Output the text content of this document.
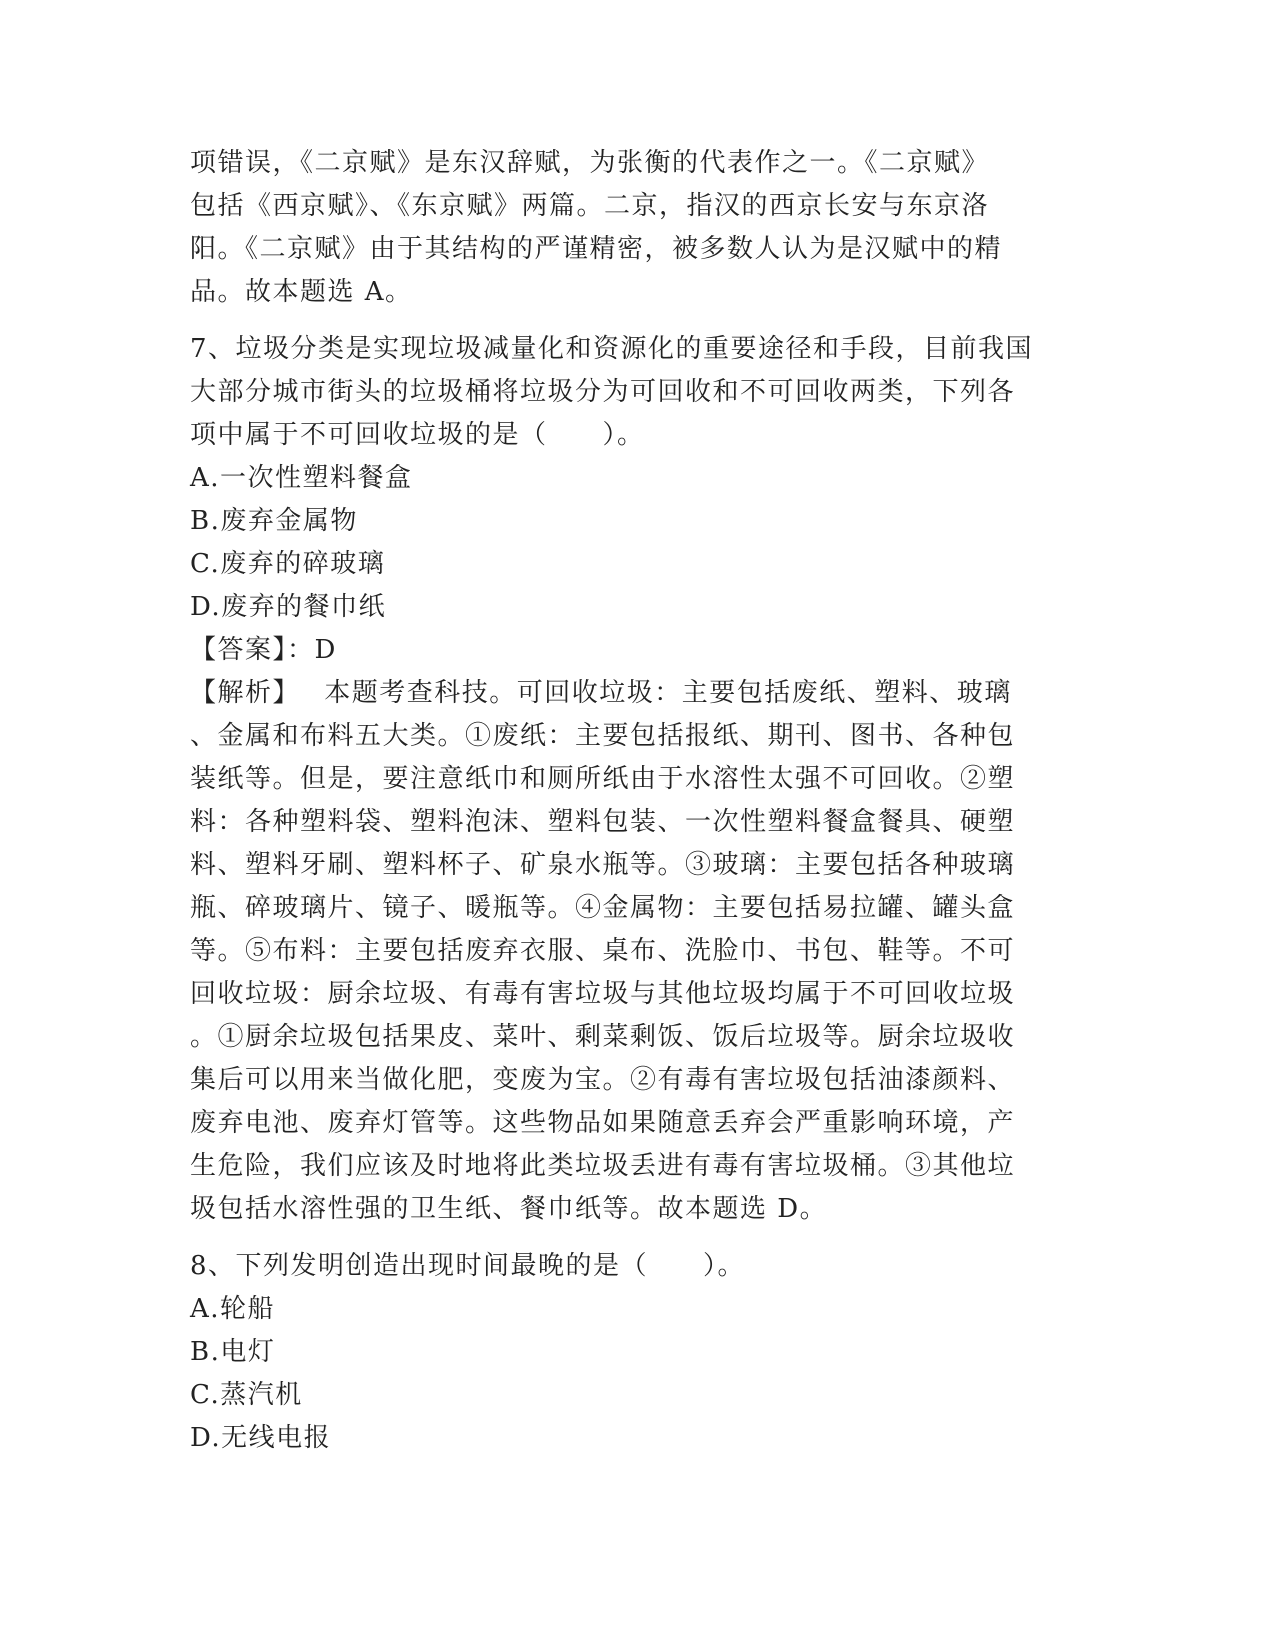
项错误，《二京赋》是东汉辞赋，为张衡的代表作之一。《二京赋》
包括《西京赋》、《东京赋》两篇。二京，指汉的西京长安与东京洛
阳。《二京赋》由于其结构的严谨精密，被多数人认为是汉赋中的精
品。故本题选 A。
7、垃圾分类是实现垃圾减量化和资源化的重要途径和手段，目前我国
大部分城市街头的垃圾桶将垃圾分为可回收和不可回收两类，下列各
项中属于不可回收垃圾的是（　　）。
A.一次性塑料餐盒
B.废弃金属物
C.废弃的碎玻璃
D.废弃的餐巾纸
【答案】：D
【解析】　 本题考查科技。可回收垃圾：主要包括废纸、塑料、玻璃
、金属和布料五大类。①废纸：主要包括报纸、期刊、图书、各种包
装纸等。但是，要注意纸巾和厕所纸由于水溶性太强不可回收。②塑
料：各种塑料袋、塑料泡沫、塑料包装、一次性塑料餐盒餐具、硬塑
料、塑料牙刷、塑料杯子、矿泉水瓶等。③玻璃：主要包括各种玻璃
瓶、碎玻璃片、镜子、暖瓶等。④金属物：主要包括易拉罐、罐头盒
等。⑤布料：主要包括废弃衣服、桌布、洗脸巾、书包、鞋等。不可
回收垃圾：厨余垃圾、有毒有害垃圾与其他垃圾均属于不可回收垃圾
。①厨余垃圾包括果皮、菜叶、剩菜剩饭、饭后垃圾等。厨余垃圾收
集后可以用来当做化肥，变废为宝。②有毒有害垃圾包括油漆颜料、
废弃电池、废弃灯管等。这些物品如果随意丢弃会严重影响环境，产
生危险，我们应该及时地将此类垃圾丢进有毒有害垃圾桶。③其他垃
圾包括水溶性强的卫生纸、餐巾纸等。故本题选 D。
8、下列发明创造出现时间最晚的是（　　）。
A.轮船
B.电灯
C.蒸汽机
D.无线电报
